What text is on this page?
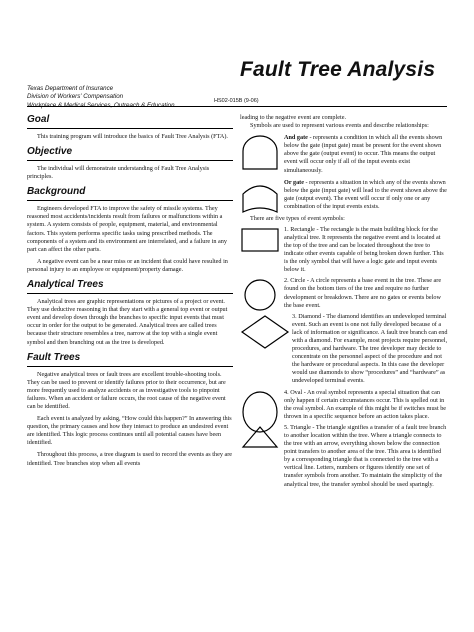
Texas Department of Insurance
Division of Workers' Compensation
Fault Tree Analysis
HS02-015B (9-06)
Goal

This training program will introduce the basics of Fault Tree Analysis (FTA).

Objective

The individual will demonstrate understanding of Fault Tree Analysis principles.

Background

Engineers developed FTA to improve the safety of missile systems. They reasoned most accidents/incidents result from failures or malfunctions within a system. A system consists of people, equipment, material, and environmental factors. This system performs specific tasks using prescribed methods. The components of a system and its environment are interrelated, and a failure in any part can affect the other parts.

A negative event can be a near miss or an incident that could have resulted in personal injury to an employee or equipment/property damage.

Analytical Trees

Analytical trees are graphic representations or pictures of a project or event. They use deductive reasoning in that they start with a general top event or output event and develop down through the branches to specific input events that must occur in order for the output to be generated. Analytical trees are called trees because their structure resembles a tree, narrow at the top with a single event symbol and then branching out as the tree is developed.

Fault Trees

Negative analytical trees or fault trees are excellent trouble-shooting tools. They can be used to prevent or identify failures prior to their occurrence, but are more frequently used to analyze accidents or as investigative tools to pinpoint failures. When an accident or failure occurs, the root cause of the negative event can be identified.

Each event is analyzed by asking, “How could this happen?” In answering this question, the primary causes and how they interact to produce an undesired event are identified. This logic process continues until all potential causes have been identified.

Throughout this process, a tree diagram is used to record the events as they are identified. Tree branches stop when all events

leading to the negative event are complete.

Symbols are used to represent various events and describe relationships:

And gate - represents a condition in which all the events shown below the gate (input gate) must be present for the event shown above the gate (output event) to occur. This means the output event will occur only if all of the input events exist simultaneously.

Or gate - represents a situation in which any of the events shown below the gate (input gate) will lead to the event shown above the gate (output event). The event will occur if only one or any combination of the input events exists.

There are five types of event symbols:

1. Rectangle - The rectangle is the main building block for the analytical tree. It represents the negative event and is located at the top of the tree and can be located throughout the tree to indicate other events capable of being broken down further. This is the only symbol that will have a logic gate and input events below it.

2. Circle - A circle represents a base event in the tree. These are found on the bottom tiers of the tree and require no further development or breakdown. There are no gates or events below the base event.

3. Diamond - The diamond identifies an undeveloped terminal event. Such an event is one not fully developed because of a lack of information or significance. A fault tree branch can end with a diamond. For example, most projects require personnel, procedures, and hardware. The tree developer may decide to concentrate on the personnel aspect of the procedure and not the hardware or procedural aspects. In this case the developer would use diamonds to show “procedures” and “hardware” as undeveloped terminal events.

4. Oval - An oval symbol represents a special situation that can only happen if certain circumstances occur. This is spelled out in the oval symbol. An example of this might be if switches must be thrown in a specific sequence before an action takes place.

5. Triangle - The triangle signifies a transfer of a fault tree branch to another location within the tree. Where a triangle connects to the tree with an arrow, everything shown below the connection point transfers to another area of the tree. This area is identified by a corresponding triangle that is connected to the tree with a vertical line. Letters, numbers or figures identify one set of transfer symbols from another. To maintain the simplicity of the analytical tree, the transfer symbol should be used sparingly.
